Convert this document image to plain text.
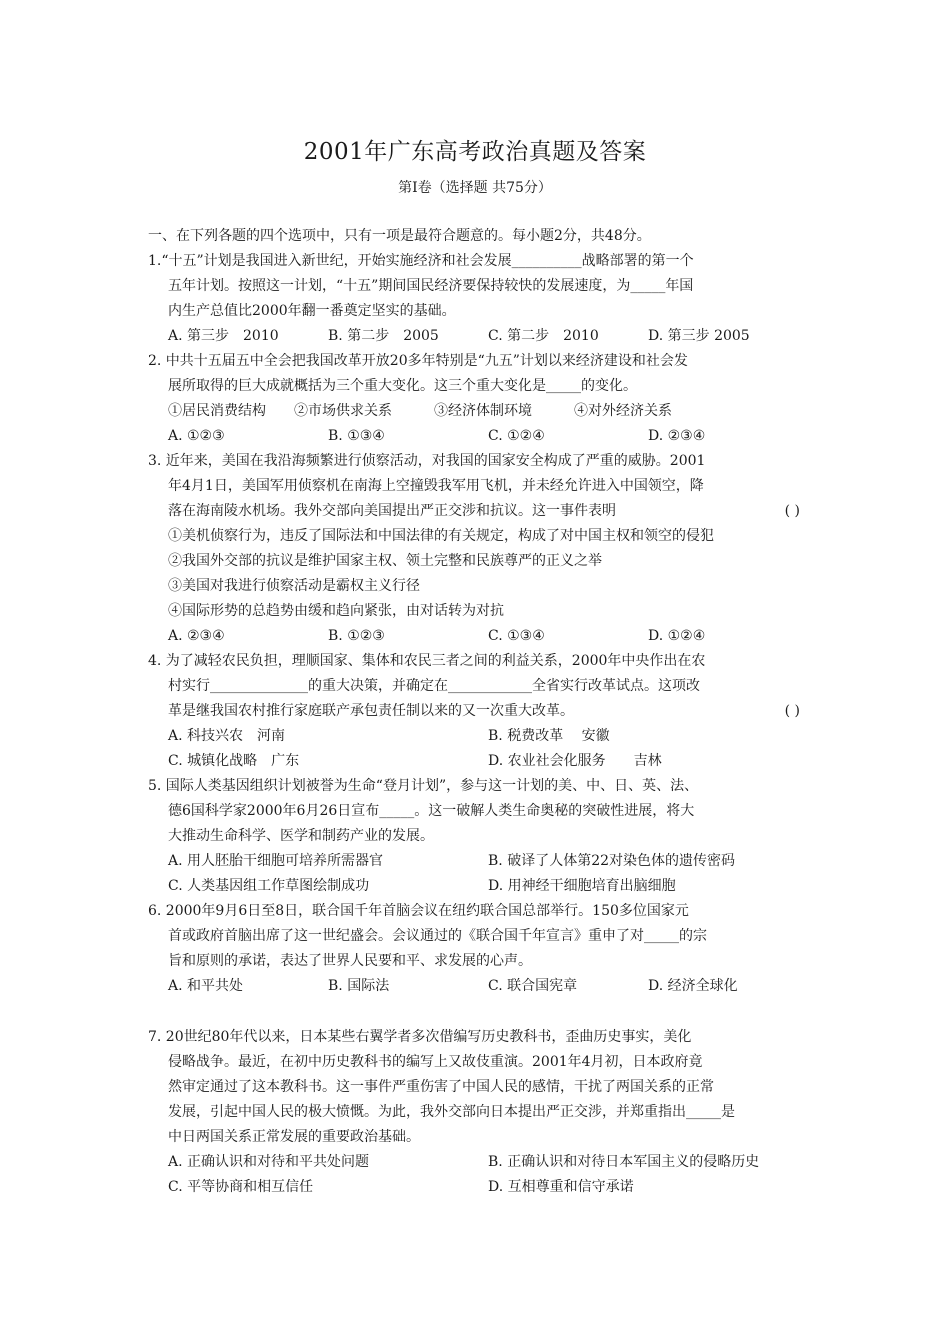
2001年广东高考政治真题及答案
第Ⅰ卷（选择题 共75分）
一、在下列各题的四个选项中，只有一项是最符合题意的。每小题2分，共48分。
1.“十五”计划是我国进入新世纪，开始实施经济和社会发展__________战略部署的第一个
五年计划。按照这一计划，“十五”期间国民经济要保持较快的发展速度，为_____年国
内生产总值比2000年翻一番奠定坚实的基础。
A. 第三步　2010	B. 第二步　2005	C. 第二步　2010	D. 第三步 2005
2. 中共十五届五中全会把我国改革开放20多年特别是“九五”计划以来经济建设和社会发
展所取得的巨大成就概括为三个重大变化。这三个重大变化是_____的变化。
①居民消费结构　　②市场供求关系　　　③经济体制环境　　　④对外经济关系
A. ①②③	B. ①③④	C. ①②④	D. ②③④
3. 近年来，美国在我沿海频繁进行侦察活动，对我国的国家安全构成了严重的威胁。2001
年4月1日，美国军用侦察机在南海上空撞毁我军用飞机，并未经允许进入中国领空，降
落在海南陵水机场。我外交部向美国提出严正交涉和抗议。这一事件表明	( )
①美机侦察行为，违反了国际法和中国法律的有关规定，构成了对中国主权和领空的侵犯
②我国外交部的抗议是维护国家主权、领土完整和民族尊严的正义之举
③美国对我进行侦察活动是霸权主义行径
④国际形势的总趋势由缓和趋向紧张，由对话转为对抗
A. ②③④	B. ①②③	C. ①③④	D. ①②④
4. 为了减轻农民负担，理顺国家、集体和农民三者之间的利益关系，2000年中央作出在农
村实行______________的重大决策，并确定在____________全省实行改革试点。这项改
革是继我国农村推行家庭联产承包责任制以来的又一次重大改革。	( )
A. 科技兴农　河南	B. 税费改革　 安徽
C. 城镇化战略　广东	D. 农业社会化服务　　吉林
5. 国际人类基因组织计划被誉为生命“登月计划”，参与这一计划的美、中、日、英、法、
德6国科学家2000年6月26日宣布_____。这一破解人类生命奥秘的突破性进展，将大
大推动生命科学、医学和制药产业的发展。
A. 用人胚胎干细胞可培养所需器官	B. 破译了人体第22对染色体的遗传密码
C. 人类基因组工作草图绘制成功	D. 用神经干细胞培育出脑细胞
6. 2000年9月6日至8日，联合国千年首脑会议在纽约联合国总部举行。150多位国家元
首或政府首脑出席了这一世纪盛会。会议通过的《联合国千年宣言》重申了对_____的宗
旨和原则的承诺，表达了世界人民要和平、求发展的心声。
A. 和平共处	B. 国际法	C. 联合国宪章	D. 经济全球化
7. 20世纪80年代以来，日本某些右翼学者多次借编写历史教科书，歪曲历史事实，美化
侵略战争。最近，在初中历史教科书的编写上又故伎重演。2001年4月初，日本政府竟
然审定通过了这本教科书。这一事件严重伤害了中国人民的感情，干扰了两国关系的正常
发展，引起中国人民的极大愤慨。为此，我外交部向日本提出严正交涉，并郑重指出_____是
中日两国关系正常发展的重要政治基础。
A. 正确认识和对待和平共处问题	B. 正确认识和对待日本军国主义的侵略历史
C. 平等协商和相互信任	D. 互相尊重和信守承诺
